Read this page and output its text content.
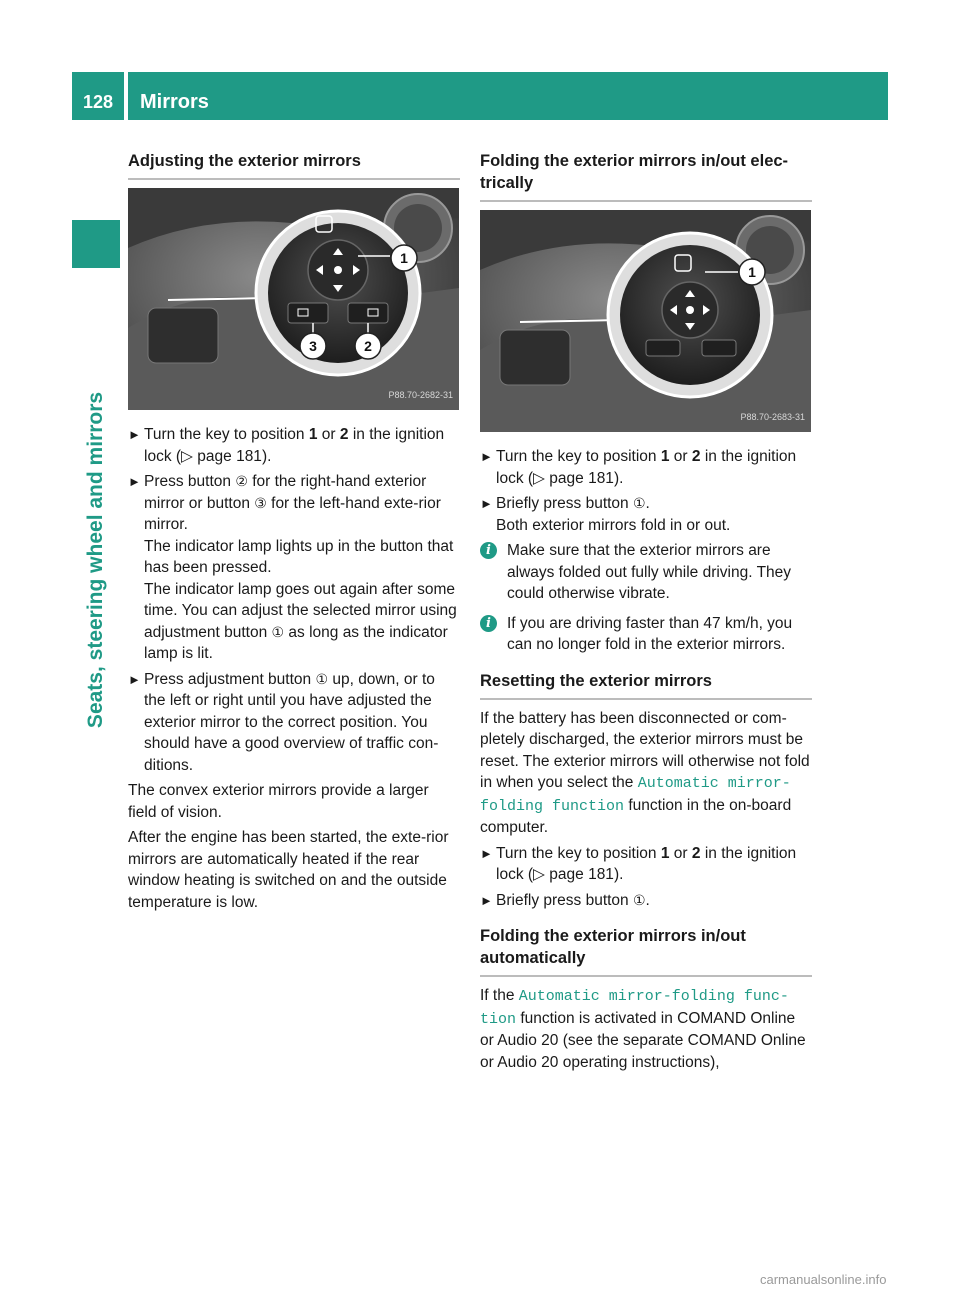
128	Mirrors
Seats, steering wheel and mirrors
Adjusting the exterior mirrors
1
2
3
P88.70-2682-31
► Turn the key to position 1 or 2 in the ignition lock (▷ page 181).
► Press button ② for the right-hand exterior mirror or button ③ for the left-hand exte-rior mirror.
The indicator lamp lights up in the button that has been pressed.
The indicator lamp goes out again after some time. You can adjust the selected mirror using adjustment button ① as long as the indicator lamp is lit.
► Press adjustment button ① up, down, or to the left or right until you have adjusted the exterior mirror to the correct position. You should have a good overview of traffic con-ditions.

The convex exterior mirrors provide a larger field of vision.

After the engine has been started, the exte-rior mirrors are automatically heated if the rear window heating is switched on and the outside temperature is low.

Folding the exterior mirrors in/out elec-trically
1
P88.70-2683-31
► Turn the key to position 1 or 2 in the ignition lock (▷ page 181).
► Briefly press button ①.
Both exterior mirrors fold in or out.
i	Make sure that the exterior mirrors are always folded out fully while driving. They could otherwise vibrate.
i	If you are driving faster than 47 km/h, you can no longer fold in the exterior mirrors.
Resetting the exterior mirrors

If the battery has been disconnected or com-pletely discharged, the exterior mirrors must be reset. The exterior mirrors will otherwise not fold in when you select the Automatic mirror-folding function function in the on-board computer.

► Turn the key to position 1 or 2 in the ignition lock (▷ page 181).
► Briefly press button ①.
Folding the exterior mirrors in/out automatically

If the Automatic mirror-folding func-tion function is activated in COMAND Online or Audio 20 (see the separate COMAND Online or Audio 20 operating instructions),

carmanualsonline.info
